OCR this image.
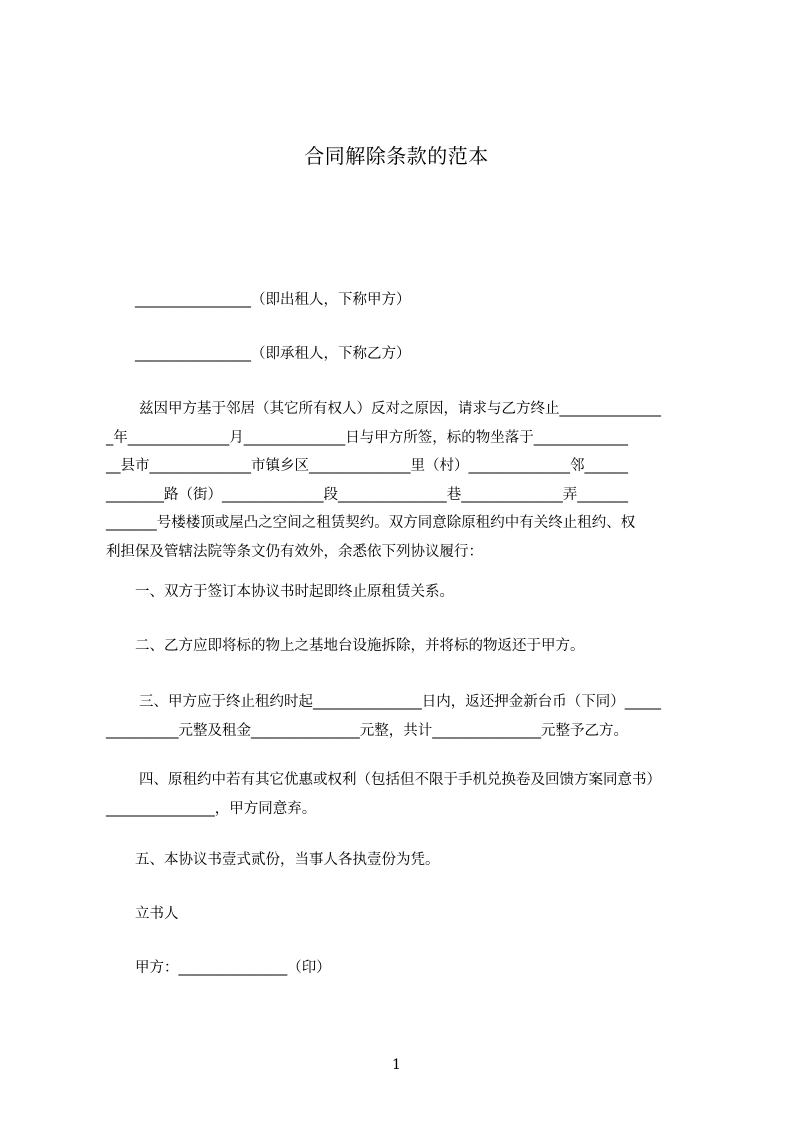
合同解除条款的范本
________________（即出租人，下称甲方）
________________（即承租人，下称乙方）
兹因甲方基于邻居（其它所有权人）反对之原因，请求与乙方终止______________
_年______________月______________日与甲方所签，标的物坐落于_____________
__县市______________市镇乡区______________里（村）______________邻______
________路（街）______________段_______________巷______________弄_______
_______号楼楼顶或屋凸之空间之租赁契约。双方同意除原租约中有关终止租约、权
利担保及管辖法院等条文仍有效外，余悉依下列协议履行：
一、双方于签订本协议书时起即终止原租赁关系。
二、乙方应即将标的物上之基地台设施拆除，并将标的物返还于甲方。
三、甲方应于终止租约时起_______________日内，返还押金新台币（下同）_____
__________元整及租金_______________元整，共计_______________元整予乙方。
四、原租约中若有其它优惠或权利（包括但不限于手机兑换卷及回馈方案同意书）
_______________，甲方同意弃。
五、本协议书壹式贰份，当事人各执壹份为凭。
立书人
甲方：_______________（印）
1
